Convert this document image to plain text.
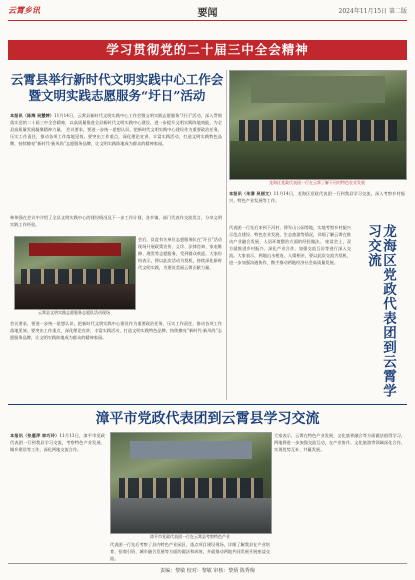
云霄乡讯	要闻	2024年11月15日 第二版
学习贯彻党的二十届三中全会精神
云霄县举行新时代文明实践中心工作会
暨文明实践志愿服务“圩日”活动
本报讯（陈海 吴慧婷）11月14日，云霄县新时代文明实践中心工作会暨文明实践志愿服务“圩日”活动，深入贯彻落实党的二十届三中全会精神，以高质量推进全县新时代文明实践中心建设，进一步提升文明实践阵地效能，为全县高质量发展凝聚精神力量。 会议要求，要进一步统一思想认识，把新时代文明实践中心建设作为重要政治任务，压实工作责任，推动各项工作落地见效。要突出工作重点，深化理论宣讲，丰富实践活动，打造文明实践特色品牌，持续擦亮“新时代·新风尚”志愿服务品牌，让文明实践阵地成为群众的精神家园。
林伟强在会议中介绍了全县文明实践中心的建设情况及下一步工作计划，各乡镇、部门代表作交流发言，分享文明实践工作经验。
云霄县文明实践志愿服务志愿队活动现场
会后，县直有关单位志愿服务队在“圩日”活动现场开展政策宣传、义诊、法律咨询、家电维修、理发等志愿服务，受到群众欢迎。大家纷纷表示，将以此次活动为契机，持续深化新时代文明实践，为建设美丽云霄贡献力量。
会议要求，要进一步统一思想认识，把新时代文明实践中心建设作为重要政治任务，压实工作责任，推动各项工作落地见效。要突出工作重点，深化理论宣讲，丰富实践活动，打造文明实践特色品牌，持续擦亮“新时代·新风尚”志愿服务品牌，让文明实践阵地成为群众的精神家园。
龙海区党政代表团一行在云霄了解下河村特色农业发展
本报讯（朱清 吴丽文）11月14日，龙海区党政代表团一行到我县学习交流，深入考察乡村振兴、特色产业发展等工作。
代表团一行先后来到下河村、将军山公园等地，实地考察乡村振兴示范点建设、特色农业发展、生态旅游等情况，详细了解云霄在推动产业融合发展、人居环境整治方面的经验做法。 座谈会上，双方就推进乡村振兴、深化产业合作、加强交流互访等进行深入交流。大家表示，两地山水相连、人缘相亲，要以此次交流为契机，进一步加强沟通协作，携手推动两地经济社会高质量发展。	龙海区党政代表团到云霄学习交流
漳平市党政代表团到云霄县学习交流
本报讯（张惠萍 林巧玲）11月13日，漳平市党政代表团一行到我县学习交流，考察特色产业发展、城乡建设等工作，深化两地交流合作。
漳平市党政代表团一行在云霄县考察特色产业
代表团一行先后考察了县内特色产业园区、重点项目建设现场，详细了解我县在产业培育、招商引资、城乡融合发展等方面的做法和成效，并就推动两地共同发展开展座谈交流。
大家表示，云霄在特色产业发展、文化旅养融合等方面做法值得学习，两地将进一步加强交流互动，在产业协作、文化旅游等领域深化合作，实现优势互补、共赢发展。
责编：黎敏 校对：黎敏 审核：黎炳 陈秀梅
